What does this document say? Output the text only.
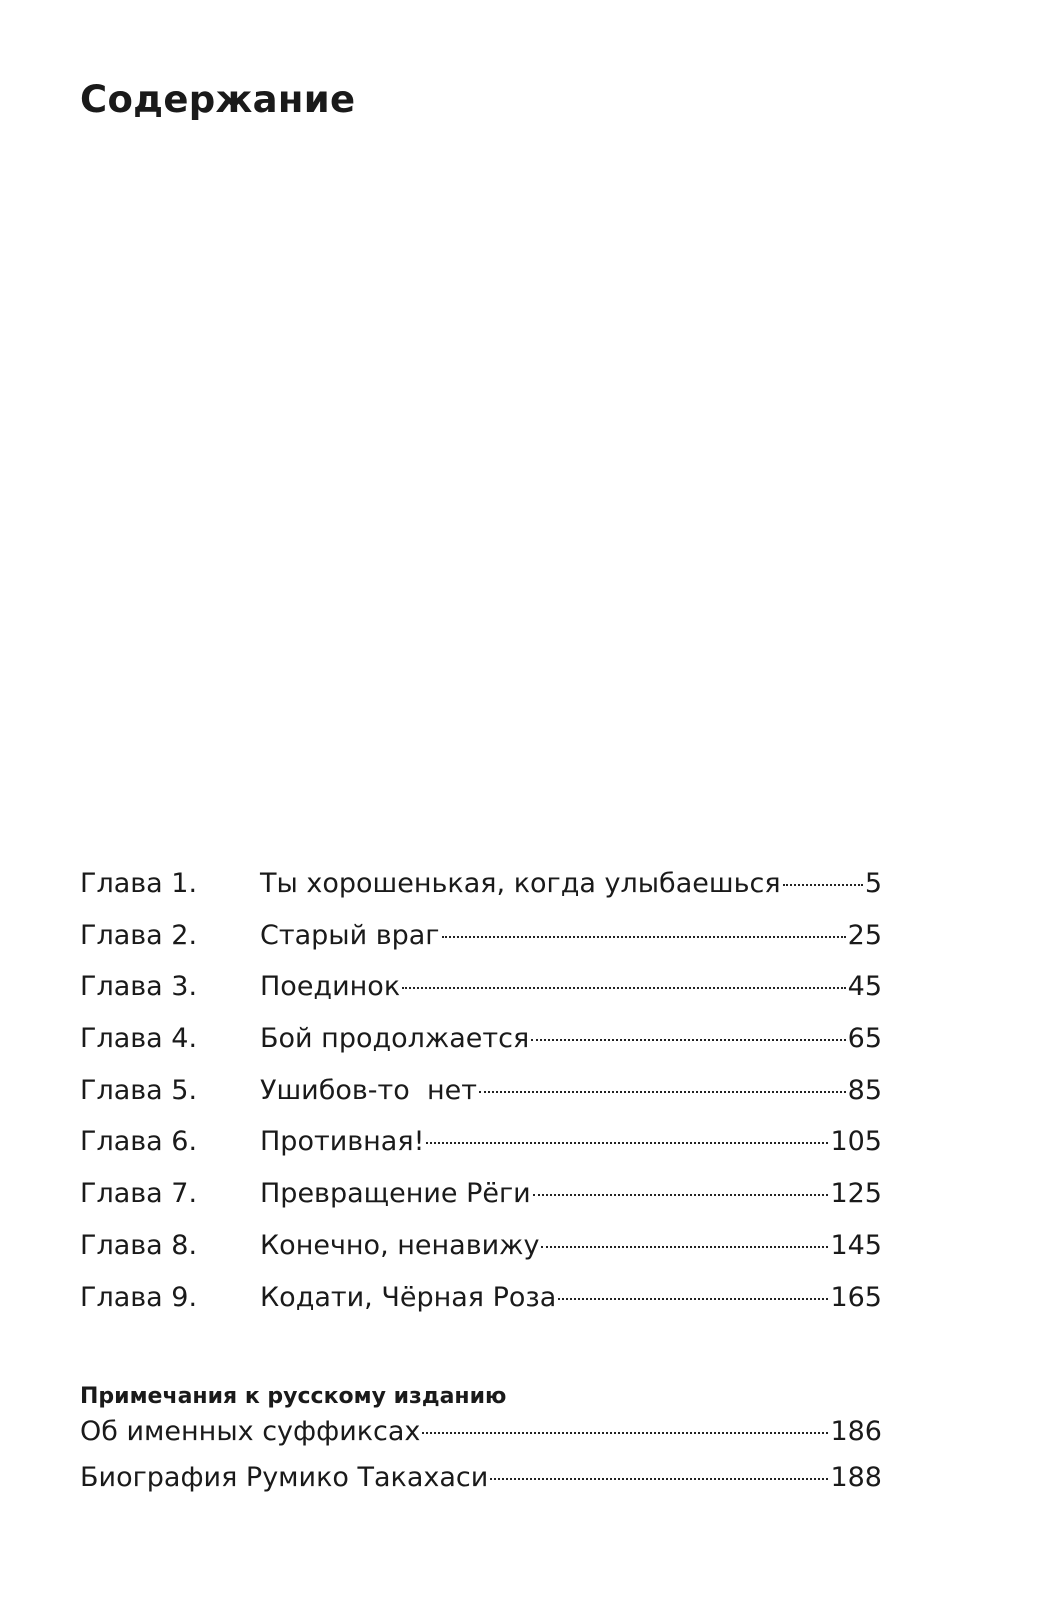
Содержание
Глава 1.	Ты хорошенькая, когда улыбаешься	5
Глава 2.	Старый враг	25
Глава 3.	Поединок	45
Глава 4.	Бой продолжается	65
Глава 5.	Ушибов-то  нет	85
Глава 6.	Противная!	105
Глава 7.	Превращение Рёги	125
Глава 8.	Конечно, ненавижу	145
Глава 9.	Кодати, Чёрная Роза	165
Примечания к русскому изданию
Об именных суффиксах	186
Биография Румико Такахаси	188
